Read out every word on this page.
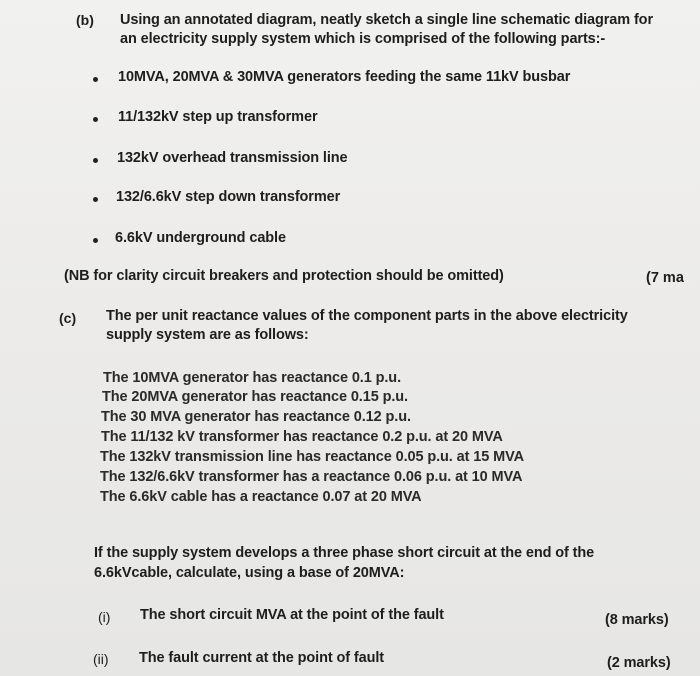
(b) Using an annotated diagram, neatly sketch a single line schematic diagram for
an electricity supply system which is comprised of the following parts:-
10MVA, 20MVA & 30MVA generators feeding the same 11kV busbar
11/132kV step up transformer
132kV overhead transmission line
132/6.6kV step down transformer
6.6kV underground cable
(NB for clarity circuit breakers and protection should be omitted)	(7 ma
(c) The per unit reactance values of the component parts in the above electricity
supply system are as follows:
The 10MVA generator has reactance 0.1 p.u.
The 20MVA generator has reactance 0.15 p.u.
The 30 MVA generator has reactance 0.12 p.u.
The 11/132 kV transformer has reactance 0.2 p.u. at 20 MVA
The 132kV transmission line has reactance 0.05 p.u. at 15 MVA
The 132/6.6kV transformer has a reactance 0.06 p.u. at 10 MVA
The 6.6kV cable has a reactance 0.07 at 20 MVA
If the supply system develops a three phase short circuit at the end of the
6.6kVcable, calculate, using a base of 20MVA:
(i) The short circuit MVA at the point of the fault	(8 marks)
(ii) The fault current at the point of fault	(2 marks)
